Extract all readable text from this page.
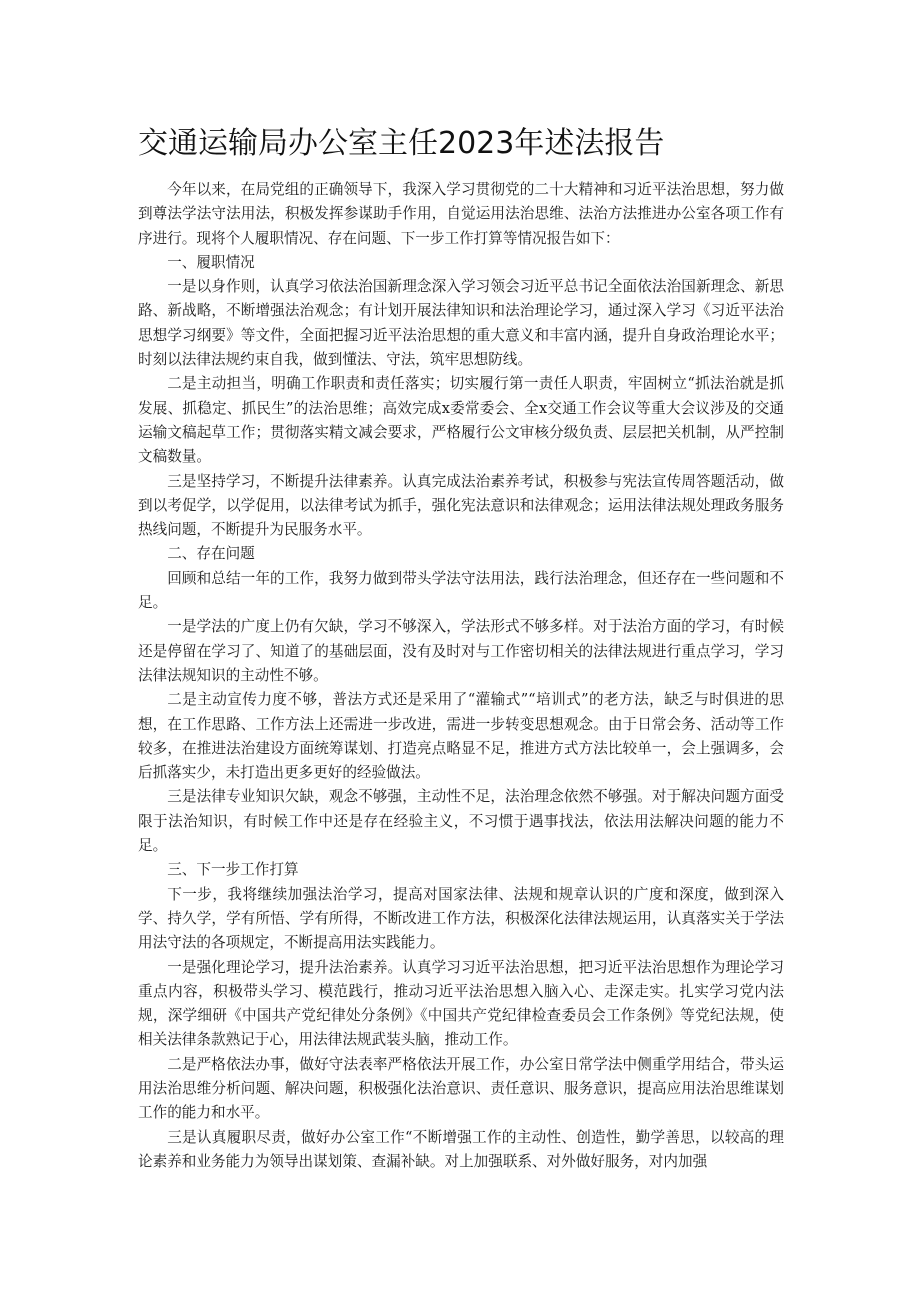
交通运输局办公室主任2023年述法报告

今年以来，在局党组的正确领导下，我深入学习贯彻党的二十大精神和习近平法治思想，努力做到尊法学法守法用法，积极发挥参谋助手作用，自觉运用法治思维、法治方法推进办公室各项工作有序进行。现将个人履职情况、存在问题、下一步工作打算等情况报告如下：

一、履职情况

一是以身作则，认真学习依法治国新理念深入学习领会习近平总书记全面依法治国新理念、新思路、新战略，不断增强法治观念；有计划开展法律知识和法治理论学习，通过深入学习《习近平法治思想学习纲要》等文件，全面把握习近平法治思想的重大意义和丰富内涵，提升自身政治理论水平；时刻以法律法规约束自我，做到懂法、守法，筑牢思想防线。

二是主动担当，明确工作职责和责任落实；切实履行第一责任人职责，牢固树立“抓法治就是抓发展、抓稳定、抓民生”的法治思维；高效完成x委常委会、全x交通工作会议等重大会议涉及的交通运输文稿起草工作；贯彻落实精文减会要求，严格履行公文审核分级负责、层层把关机制，从严控制文稿数量。

三是坚持学习，不断提升法律素养。认真完成法治素养考试，积极参与宪法宣传周答题活动，做到以考促学，以学促用，以法律考试为抓手，强化宪法意识和法律观念；运用法律法规处理政务服务热线问题，不断提升为民服务水平。

二、存在问题

回顾和总结一年的工作，我努力做到带头学法守法用法，践行法治理念，但还存在一些问题和不足。

一是学法的广度上仍有欠缺，学习不够深入，学法形式不够多样。对于法治方面的学习，有时候还是停留在学习了、知道了的基础层面，没有及时对与工作密切相关的法律法规进行重点学习，学习法律法规知识的主动性不够。

二是主动宣传力度不够，普法方式还是采用了“灌输式”“培训式”的老方法，缺乏与时俱进的思想，在工作思路、工作方法上还需进一步改进，需进一步转变思想观念。由于日常会务、活动等工作较多，在推进法治建设方面统筹谋划、打造亮点略显不足，推进方式方法比较单一，会上强调多，会后抓落实少，未打造出更多更好的经验做法。

三是法律专业知识欠缺，观念不够强，主动性不足，法治理念依然不够强。对于解决问题方面受限于法治知识，有时候工作中还是存在经验主义，不习惯于遇事找法，依法用法解决问题的能力不足。

三、下一步工作打算

下一步，我将继续加强法治学习，提高对国家法律、法规和规章认识的广度和深度，做到深入学、持久学，学有所悟、学有所得，不断改进工作方法，积极深化法律法规运用，认真落实关于学法用法守法的各项规定，不断提高用法实践能力。

一是强化理论学习，提升法治素养。认真学习习近平法治思想，把习近平法治思想作为理论学习重点内容，积极带头学习、模范践行，推动习近平法治思想入脑入心、走深走实。扎实学习党内法规，深学细研《中国共产党纪律处分条例》《中国共产党纪律检查委员会工作条例》等党纪法规，使相关法律条款熟记于心，用法律法规武装头脑，推动工作。

二是严格依法办事，做好守法表率严格依法开展工作，办公室日常学法中侧重学用结合，带头运用法治思维分析问题、解决问题，积极强化法治意识、责任意识、服务意识，提高应用法治思维谋划工作的能力和水平。

三是认真履职尽责，做好办公室工作“不断增强工作的主动性、创造性，勤学善思，以较高的理论素养和业务能力为领导出谋划策、查漏补缺。对上加强联系、对外做好服务，对内加强
